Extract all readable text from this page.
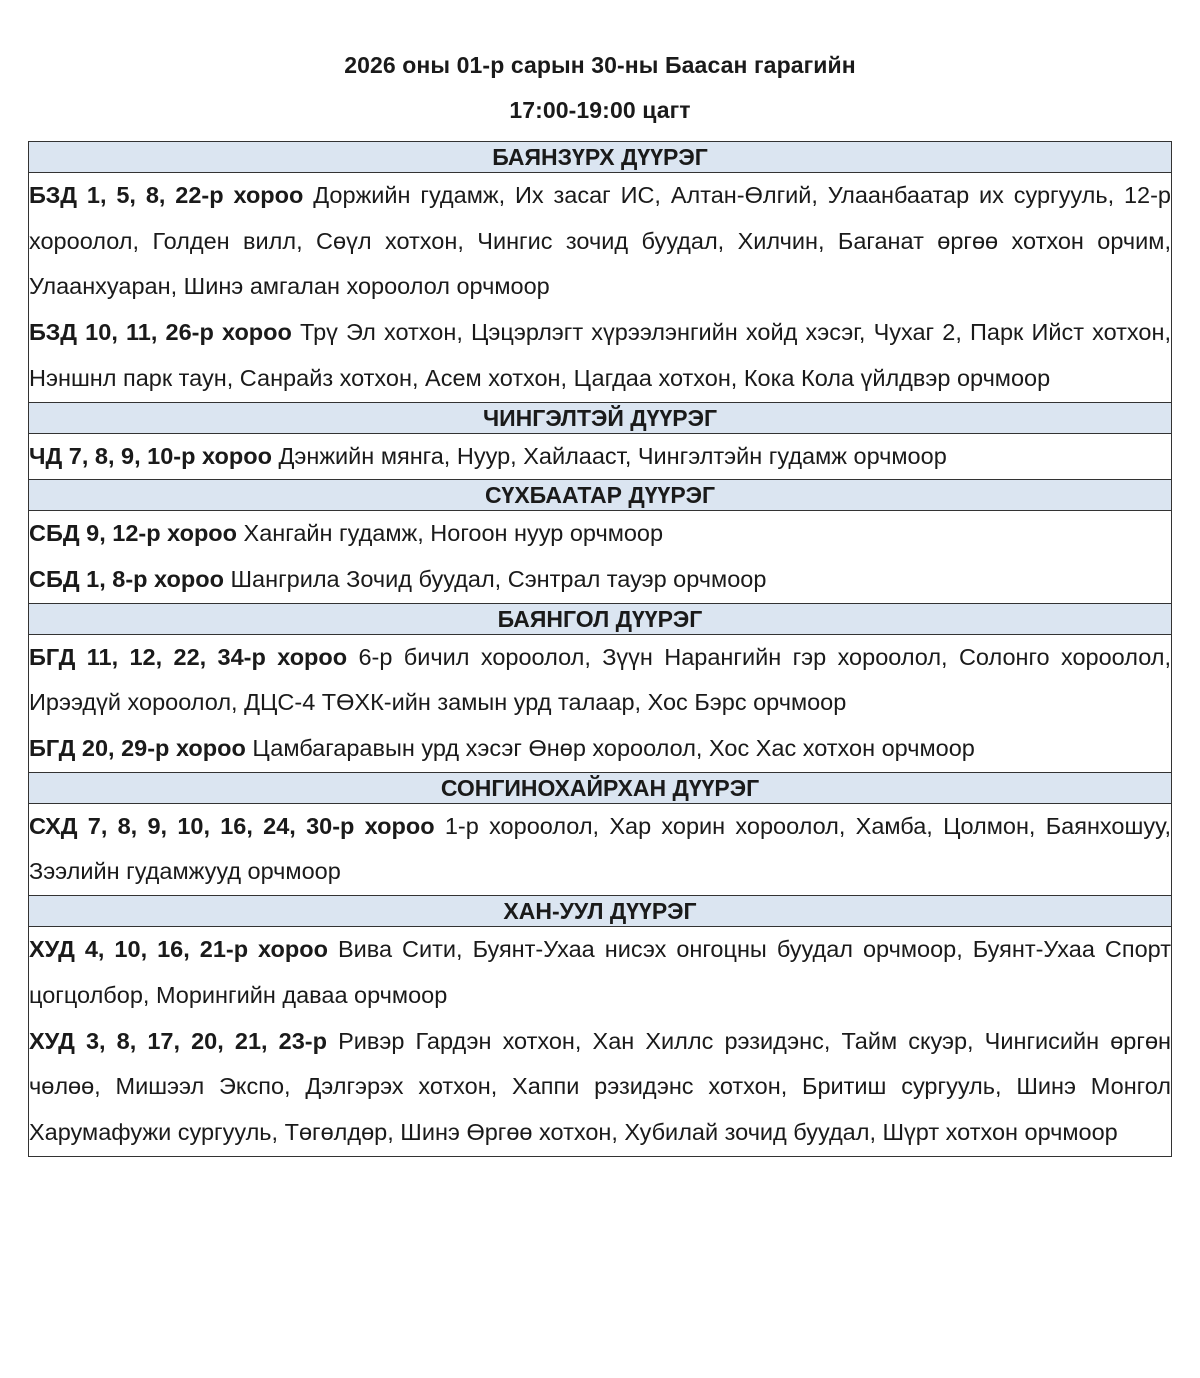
2026 оны 01-р сарын 30-ны Баасан гарагийн
17:00-19:00 цагт
БАЯНЗҮРХ ДҮҮРЭГ

БЗД 1, 5, 8, 22-р хороо Доржийн гудамж, Их засаг ИС, Алтан-Өлгий, Улаанбаатар их сургууль, 12-р хороолол, Голден вилл, Сөүл хотхон, Чингис зочид буудал, Хилчин, Баганат өргөө хотхон орчим, Улаанхуаран, Шинэ амгалан хороолол орчмоор

БЗД 10, 11, 26-р хороо Трү Эл хотхон, Цэцэрлэгт хүрээлэнгийн хойд хэсэг, Чухаг 2, Парк Ийст хотхон, Нэншнл парк таун, Санрайз хотхон, Асем хотхон, Цагдаа хотхон, Кока Кола үйлдвэр орчмоор

ЧИНГЭЛТЭЙ ДҮҮРЭГ

ЧД 7, 8, 9, 10-р хороо Дэнжийн мянга, Нуур, Хайлааст, Чингэлтэйн гудамж орчмоор

СҮХБААТАР ДҮҮРЭГ

СБД 9, 12-р хороо Хангайн гудамж, Ногоон нуур орчмоор

СБД 1, 8-р хороо Шангрила Зочид буудал, Сэнтрал тауэр орчмоор

БАЯНГОЛ ДҮҮРЭГ

БГД 11, 12, 22, 34-р хороо 6-р бичил хороолол, Зүүн Нарангийн гэр хороолол, Солонго хороолол, Ирээдүй хороолол, ДЦС-4 ТӨХК-ийн замын урд талаар, Хос Бэрс орчмоор

БГД 20, 29-р хороо Цамбагаравын урд хэсэг Өнөр хороолол, Хос Хас хотхон орчмоор

СОНГИНОХАЙРХАН ДҮҮРЭГ

СХД 7, 8, 9, 10, 16, 24, 30-р хороо 1-р хороолол, Хар хорин хороолол, Хамба, Цолмон, Баянхошуу, Зээлийн гудамжууд орчмоор

ХАН-УУЛ ДҮҮРЭГ

ХУД 4, 10, 16, 21-р хороо Вива Сити, Буянт-Ухаа нисэх онгоцны буудал орчмоор, Буянт-Ухаа Спорт цогцолбор, Морингийн даваа орчмоор

ХУД 3, 8, 17, 20, 21, 23-р Ривэр Гардэн хотхон, Хан Хиллс рэзидэнс, Тайм скуэр, Чингисийн өргөн чөлөө, Мишээл Экспо, Дэлгэрэх хотхон, Хаппи рэзидэнс хотхон, Бритиш сургууль, Шинэ Монгол Харумафужи сургууль, Төгөлдөр, Шинэ Өргөө хотхон, Хубилай зочид буудал, Шүрт хотхон орчмоор
